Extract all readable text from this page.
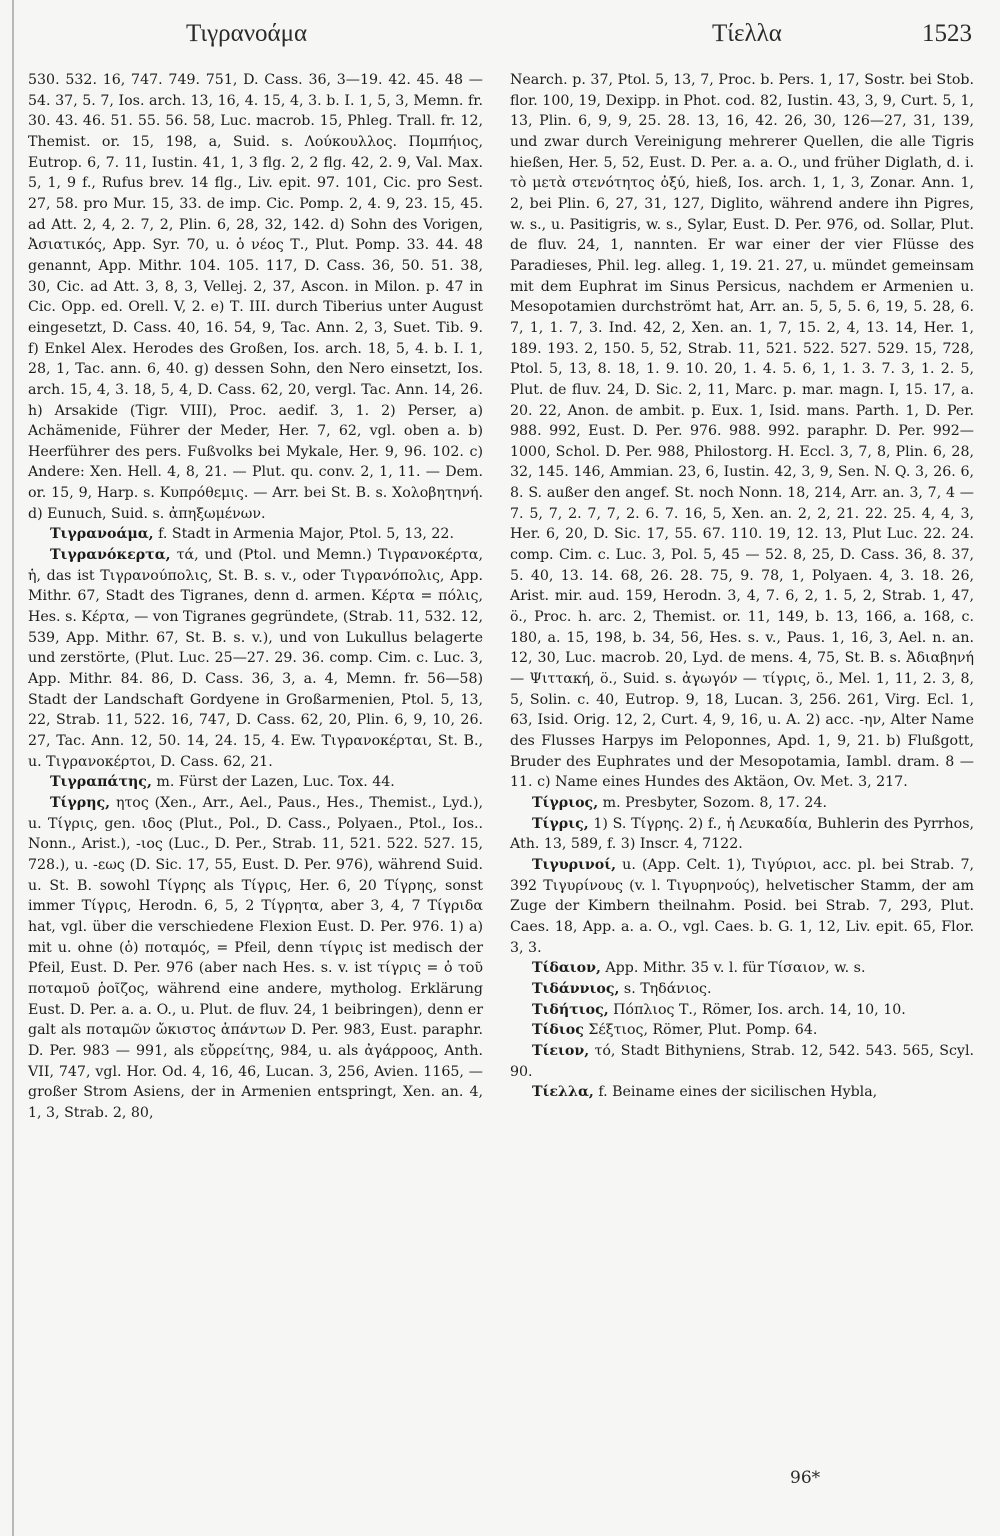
Τιγρανοάμα	Τίελλα	1523

530. 532. 16, 747. 749. 751, D. Cass. 36, 3—19. 42. 45. 48 — 54. 37, 5. 7, Ios. arch. 13, 16, 4. 15, 4, 3. b. I. 1, 5, 3, Memn. fr. 30. 43. 46. 51. 55. 56. 58, Luc. macrob. 15, Phleg. Trall. fr. 12, Themist. or. 15, 198, a, Suid. s. Λούκουλλος. Πομπήιος, Eutrop. 6, 7. 11, Iustin. 41, 1, 3 flg. 2, 2 flg. 42, 2. 9, Val. Max. 5, 1, 9 f., Rufus brev. 14 flg., Liv. epit. 97. 101, Cic. pro Sest. 27, 58. pro Mur. 15, 33. de imp. Cic. Pomp. 2, 4. 9, 23. 15, 45. ad Att. 2, 4, 2. 7, 2, Plin. 6, 28, 32, 142. d) Sohn des Vorigen, Ἀσιατικός, App. Syr. 70, u. ὁ νέος Τ., Plut. Pomp. 33. 44. 48 genannt, App. Mithr. 104. 105. 117, D. Cass. 36, 50. 51. 38, 30, Cic. ad Att. 3, 8, 3, Vellej. 2, 37, Ascon. in Milon. p. 47 in Cic. Opp. ed. Orell. V, 2. e) Τ. III. durch Tiberius unter August eingesetzt, D. Cass. 40, 16. 54, 9, Tac. Ann. 2, 3, Suet. Tib. 9. f) Enkel Alex. Herodes des Großen, Ios. arch. 18, 5, 4. b. I. 1, 28, 1, Tac. ann. 6, 40. g) dessen Sohn, den Nero einsetzt, Ios. arch. 15, 4, 3. 18, 5, 4, D. Cass. 62, 20, vergl. Tac. Ann. 14, 26. h) Arsakide (Tigr. VIII), Proc. aedif. 3, 1. 2) Perser, a) Achämenide, Führer der Meder, Her. 7, 62, vgl. oben a. b) Heerführer des pers. Fußvolks bei Mykale, Her. 9, 96. 102. c) Andere: Xen. Hell. 4, 8, 21. — Plut. qu. conv. 2, 1, 11. — Dem. or. 15, 9, Harp. s. Κυπρόθεμις. — Arr. bei St. B. s. Χολοβητηνή. d) Eunuch, Suid. s. ἀπηξωμένων.

Τιγρανοάμα, f. Stadt in Armenia Major, Ptol. 5, 13, 22.

Τιγρανόκερτα, τά, und (Ptol. und Memn.) Τιγρανοκέρτα, ἡ, das ist Τιγρανούπολις, St. B. s. v., oder Τιγρανόπολις, App. Mithr. 67, Stadt des Tigranes, denn d. armen. Κέρτα = πόλις, Hes. s. Κέρτα, — von Tigranes gegründete, (Strab. 11, 532. 12, 539, App. Mithr. 67, St. B. s. v.), und von Lukullus belagerte und zerstörte, (Plut. Luc. 25—27. 29. 36. comp. Cim. c. Luc. 3, App. Mithr. 84. 86, D. Cass. 36, 3, a. 4, Memn. fr. 56—58) Stadt der Landschaft Gordyene in Großarmenien, Ptol. 5, 13, 22, Strab. 11, 522. 16, 747, D. Cass. 62, 20, Plin. 6, 9, 10, 26. 27, Tac. Ann. 12, 50. 14, 24. 15, 4. Ew. Τιγρανοκέρται, St. B., u. Τιγρανοκέρτοι, D. Cass. 62, 21.

Τιγραπάτης, m. Fürst der Lazen, Luc. Tox. 44.

Τίγρης, ητος (Xen., Arr., Ael., Paus., Hes., Themist., Lyd.), u. Τίγρις, gen. ιδος (Plut., Pol., D. Cass., Polyaen., Ptol., Ios.. Nonn., Arist.), -ιος (Luc., D. Per., Strab. 11, 521. 522. 527. 15, 728.), u. -εως (D. Sic. 17, 55, Eust. D. Per. 976), während Suid. u. St. B. sowohl Τίγρης als Τίγρις, Her. 6, 20 Τίγρης, sonst immer Τίγρις, Herodn. 6, 5, 2 Τίγρητα, aber 3, 4, 7 Τίγριδα hat, vgl. über die verschiedene Flexion Eust. D. Per. 976. 1) a) mit u. ohne (ὁ) ποταμός, = Pfeil, denn τίγρις ist medisch der Pfeil, Eust. D. Per. 976 (aber nach Hes. s. v. ist τίγρις = ὁ τοῦ ποταμοῦ ῥοῖζος, während eine andere, mytholog. Erklärung Eust. D. Per. a. a. O., u. Plut. de fluv. 24, 1 beibringen), denn er galt als ποταμῶν ὤκιστος ἁπάντων D. Per. 983, Eust. paraphr. D. Per. 983 — 991, als εὔρρείτης, 984, u. als ἀγάρροος, Anth. VII, 747, vgl. Hor. Od. 4, 16, 46, Lucan. 3, 256, Avien. 1165, — großer Strom Asiens, der in Armenien entspringt, Xen. an. 4, 1, 3, Strab. 2, 80,

Nearch. p. 37, Ptol. 5, 13, 7, Proc. b. Pers. 1, 17, Sostr. bei Stob. flor. 100, 19, Dexipp. in Phot. cod. 82, Iustin. 43, 3, 9, Curt. 5, 1, 13, Plin. 6, 9, 9, 25. 28. 13, 16, 42. 26, 30, 126—27, 31, 139, und zwar durch Vereinigung mehrerer Quellen, die alle Tigris hießen, Her. 5, 52, Eust. D. Per. a. a. O., und früher Diglath, d. i. τὸ μετὰ στενότητος ὀξύ, hieß, Ios. arch. 1, 1, 3, Zonar. Ann. 1, 2, bei Plin. 6, 27, 31, 127, Diglito, während andere ihn Pigres, w. s., u. Pasitigris, w. s., Sylar, Eust. D. Per. 976, od. Sollar, Plut. de fluv. 24, 1, nannten. Er war einer der vier Flüsse des Paradieses, Phil. leg. alleg. 1, 19. 21. 27, u. mündet gemeinsam mit dem Euphrat im Sinus Persicus, nachdem er Armenien u. Mesopotamien durchströmt hat, Arr. an. 5, 5, 5. 6, 19, 5. 28, 6. 7, 1, 1. 7, 3. Ind. 42, 2, Xen. an. 1, 7, 15. 2, 4, 13. 14, Her. 1, 189. 193. 2, 150. 5, 52, Strab. 11, 521. 522. 527. 529. 15, 728, Ptol. 5, 13, 8. 18, 1. 9. 10. 20, 1. 4. 5. 6, 1, 1. 3. 7. 3, 1. 2. 5, Plut. de fluv. 24, D. Sic. 2, 11, Marc. p. mar. magn. I, 15. 17, a. 20. 22, Anon. de ambit. p. Eux. 1, Isid. mans. Parth. 1, D. Per. 988. 992, Eust. D. Per. 976. 988. 992. paraphr. D. Per. 992—1000, Schol. D. Per. 988, Philostorg. H. Eccl. 3, 7, 8, Plin. 6, 28, 32, 145. 146, Ammian. 23, 6, Iustin. 42, 3, 9, Sen. N. Q. 3, 26. 6, 8. S. außer den angef. St. noch Nonn. 18, 214, Arr. an. 3, 7, 4 — 7. 5, 7, 2. 7, 7, 2. 6. 7. 16, 5, Xen. an. 2, 2, 21. 22. 25. 4, 4, 3, Her. 6, 20, D. Sic. 17, 55. 67. 110. 19, 12. 13, Plut Luc. 22. 24. comp. Cim. c. Luc. 3, Pol. 5, 45 — 52. 8, 25, D. Cass. 36, 8. 37, 5. 40, 13. 14. 68, 26. 28. 75, 9. 78, 1, Polyaen. 4, 3. 18. 26, Arist. mir. aud. 159, Herodn. 3, 4, 7. 6, 2, 1. 5, 2, Strab. 1, 47, ö., Proc. h. arc. 2, Themist. or. 11, 149, b. 13, 166, a. 168, c. 180, a. 15, 198, b. 34, 56, Hes. s. v., Paus. 1, 16, 3, Ael. n. an. 12, 30, Luc. macrob. 20, Lyd. de mens. 4, 75, St. B. s. Ἀδιαβηνή — Ψιττακή, ö., Suid. s. ἀγωγόν — τίγρις, ö., Mel. 1, 11, 2. 3, 8, 5, Solin. c. 40, Eutrop. 9, 18, Lucan. 3, 256. 261, Virg. Ecl. 1, 63, Isid. Orig. 12, 2, Curt. 4, 9, 16, u. A. 2) acc. -ην, Alter Name des Flusses Harpys im Peloponnes, Apd. 1, 9, 21. b) Flußgott, Bruder des Euphrates und der Mesopotamia, Iambl. dram. 8 — 11. c) Name eines Hundes des Aktäon, Ov. Met. 3, 217.

Τίγριος, m. Presbyter, Sozom. 8, 17. 24.

Τίγρις, 1) S. Τίγρης. 2) f., ἡ Λευκαδία, Buhlerin des Pyrrhos, Ath. 13, 589, f. 3) Inscr. 4, 7122.

Τιγυρινοί, u. (App. Celt. 1), Τιγύριοι, acc. pl. bei Strab. 7, 392 Τιγυρίνους (v. l. Τιγυρηνούς), helvetischer Stamm, der am Zuge der Kimbern theilnahm. Posid. bei Strab. 7, 293, Plut. Caes. 18, App. a. a. O., vgl. Caes. b. G. 1, 12, Liv. epit. 65, Flor. 3, 3.

Τίδαιον, App. Mithr. 35 v. l. für Τίσαιον, w. s.

Τιδάννιος, s. Τηδάνιος.

Τιδήτιος, Πόπλιος Τ., Römer, Ios. arch. 14, 10, 10.

Τίδιος Σέξτιος, Römer, Plut. Pomp. 64.

Τίειον, τό, Stadt Bithyniens, Strab. 12, 542. 543. 565, Scyl. 90.

Τίελλα, f. Beiname eines der sicilischen Hybla,

96*
